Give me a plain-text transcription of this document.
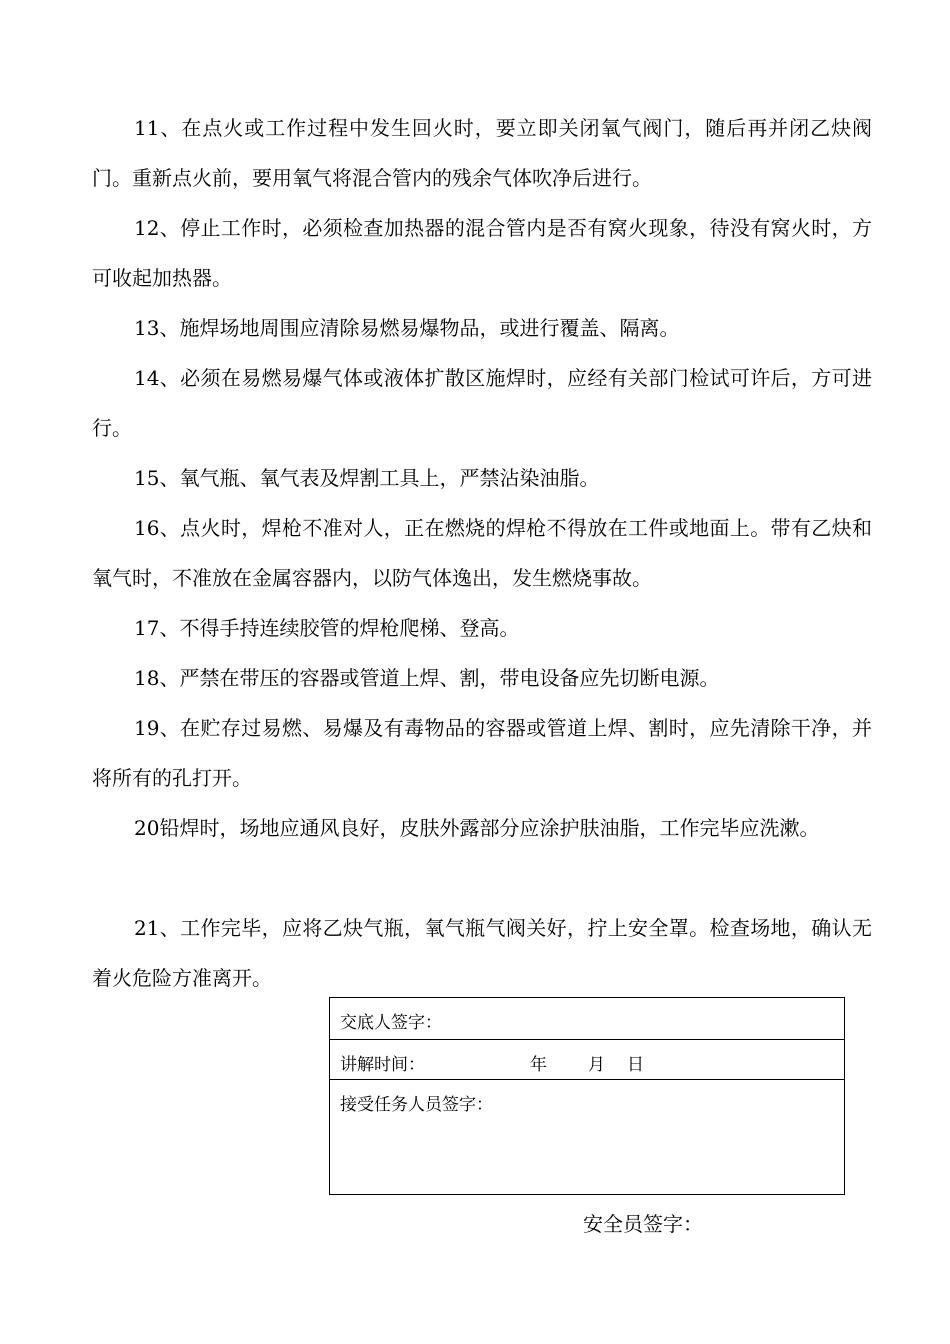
11、在点火或工作过程中发生回火时，要立即关闭氧气阀门，随后再并闭乙炔阀门。重新点火前，要用氧气将混合管内的残余气体吹净后进行。

12、停止工作时，必须检查加热器的混合管内是否有窝火现象，待没有窝火时，方可收起加热器。

13、施焊场地周围应清除易燃易爆物品，或进行覆盖、隔离。

14、必须在易燃易爆气体或液体扩散区施焊时，应经有关部门检试可许后，方可进行。

15、氧气瓶、氧气表及焊割工具上，严禁沾染油脂。

16、点火时，焊枪不准对人，正在燃烧的焊枪不得放在工件或地面上。带有乙炔和氧气时，不准放在金属容器内，以防气体逸出，发生燃烧事故。

17、不得手持连续胶管的焊枪爬梯、登高。

18、严禁在带压的容器或管道上焊、割，带电设备应先切断电源。

19、在贮存过易燃、易爆及有毒物品的容器或管道上焊、割时，应先清除干净，并将所有的孔打开。

20铅焊时，场地应通风良好，皮肤外露部分应涂护肤油脂，工作完毕应洗漱。

21、工作完毕，应将乙炔气瓶，氧气瓶气阀关好，拧上安全罩。检查场地，确认无着火危险方准离开。

交底人签字：
讲解时间：	年 月 日
接受任务人员签字：
安全员签字：
